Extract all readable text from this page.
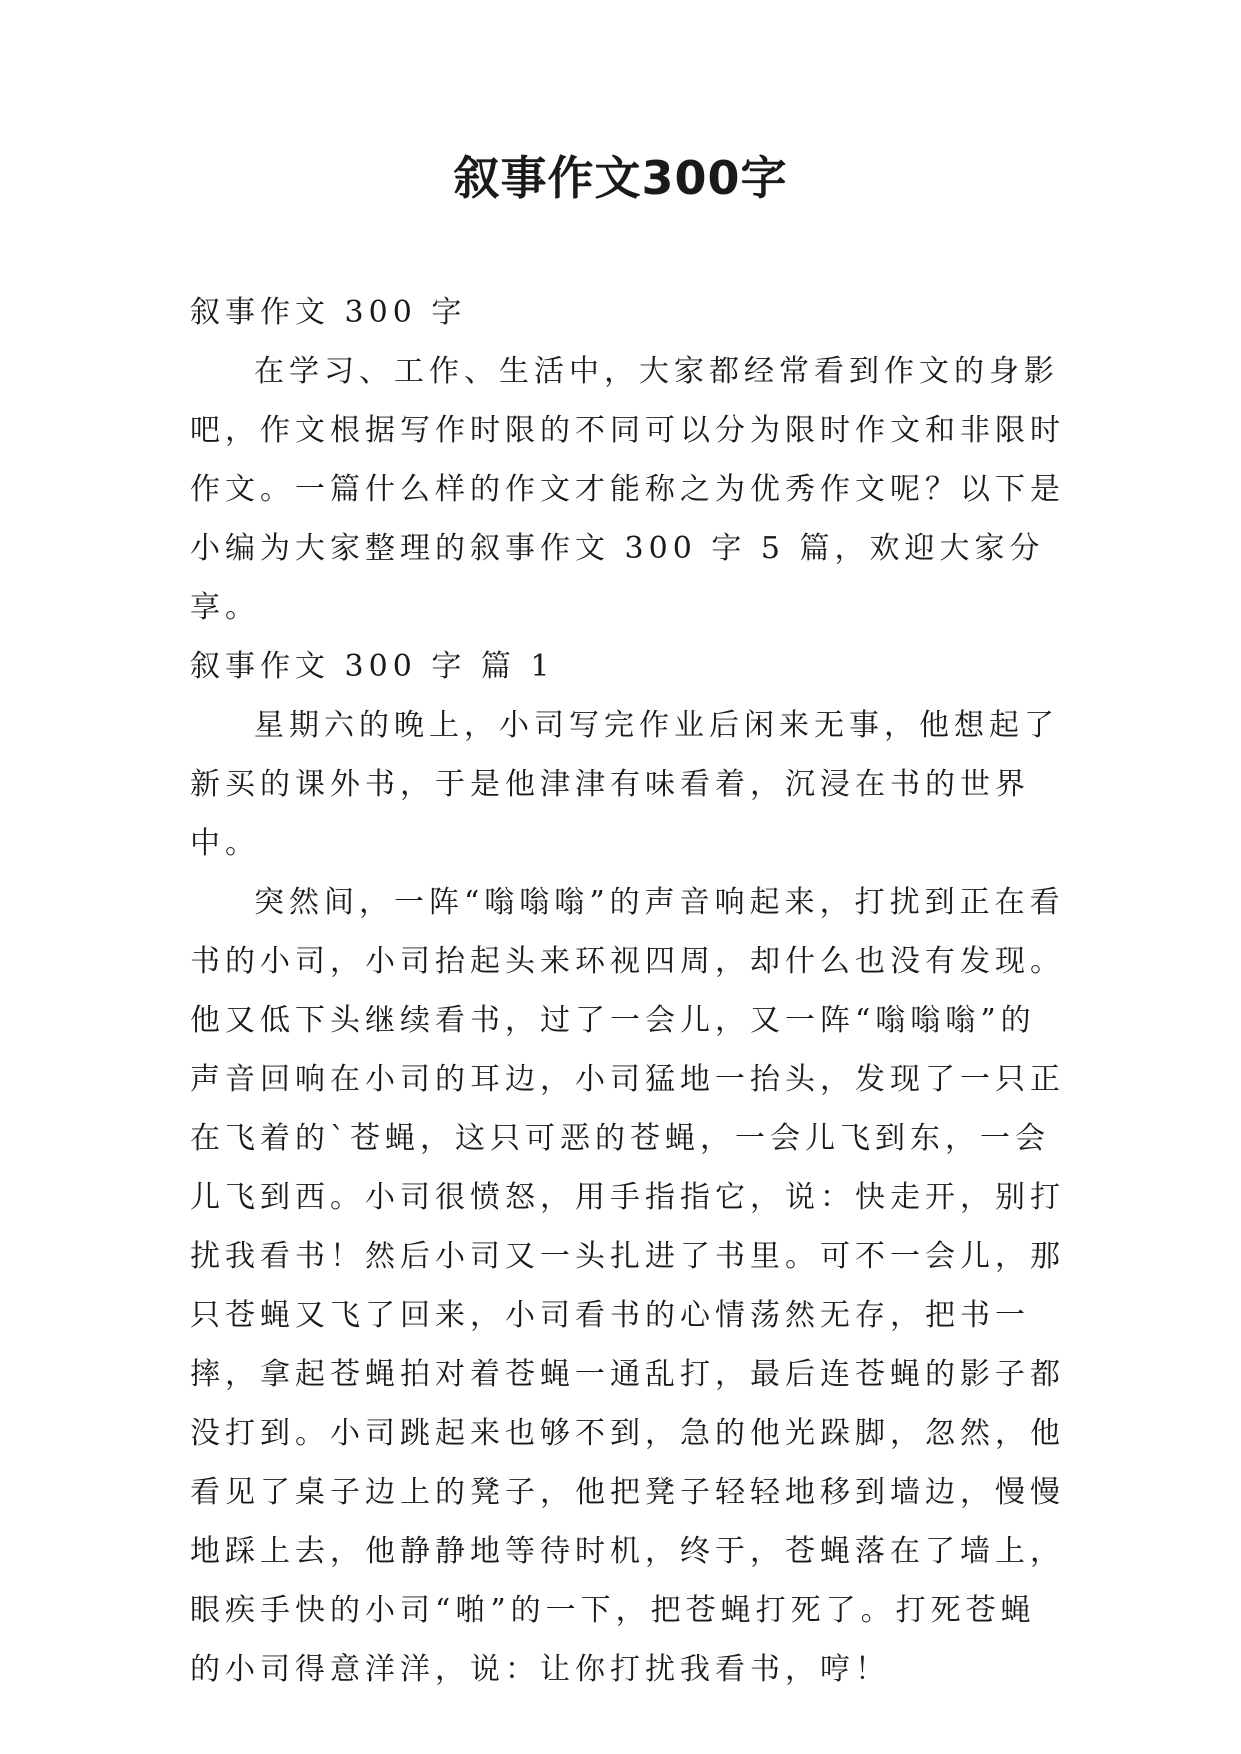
叙事作文300字

叙事作文 300 字

在学习、工作、生活中，大家都经常看到作文的身影吧，作文根据写作时限的不同可以分为限时作文和非限时作文。一篇什么样的作文才能称之为优秀作文呢？以下是小编为大家整理的叙事作文 300 字 5 篇，欢迎大家分享。

叙事作文 300 字 篇 1

星期六的晚上，小司写完作业后闲来无事，他想起了新买的课外书，于是他津津有味看着，沉浸在书的世界中。

突然间，一阵“嗡嗡嗡”的声音响起来，打扰到正在看书的小司，小司抬起头来环视四周，却什么也没有发现。他又低下头继续看书，过了一会儿，又一阵“嗡嗡嗡”的声音回响在小司的耳边，小司猛地一抬头，发现了一只正在飞着的`苍蝇，这只可恶的苍蝇，一会儿飞到东，一会儿飞到西。小司很愤怒，用手指指它，说：快走开，别打扰我看书！然后小司又一头扎进了书里。可不一会儿，那只苍蝇又飞了回来，小司看书的心情荡然无存，把书一摔，拿起苍蝇拍对着苍蝇一通乱打，最后连苍蝇的影子都没打到。小司跳起来也够不到，急的他光跺脚，忽然，他看见了桌子边上的凳子，他把凳子轻轻地移到墙边，慢慢地踩上去，他静静地等待时机，终于，苍蝇落在了墙上，眼疾手快的小司“啪”的一下，把苍蝇打死了。打死苍蝇的小司得意洋洋，说：让你打扰我看书，哼！
